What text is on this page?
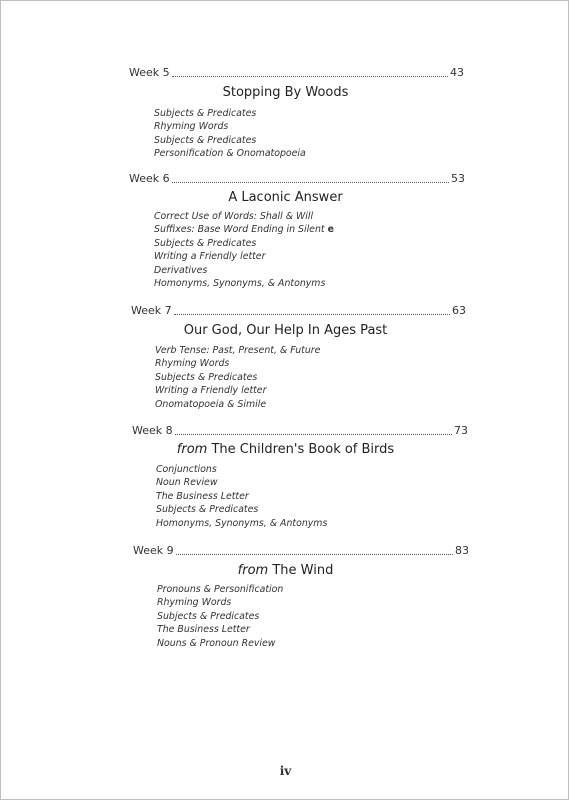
Week 5	43
Stopping By Woods
Subjects & Predicates
Rhyming Words
Subjects & Predicates
Personification & Onomatopoeia
Week 6	53
A Laconic Answer
Correct Use of Words: Shall & Will
Suffixes: Base Word Ending in Silent e
Subjects & Predicates
Writing a Friendly letter
Derivatives
Homonyms, Synonyms, & Antonyms
Week 7	63
Our God, Our Help In Ages Past
Verb Tense: Past, Present, & Future
Rhyming Words
Subjects & Predicates
Writing a Friendly letter
Onomatopoeia & Simile
Week 8	73
from The Children's Book of Birds
Conjunctions
Noun Review
The Business Letter
Subjects & Predicates
Homonyms, Synonyms, & Antonyms
Week 9	83
from The Wind
Pronouns & Personification
Rhyming Words
Subjects & Predicates
The Business Letter
Nouns & Pronoun Review
iv
